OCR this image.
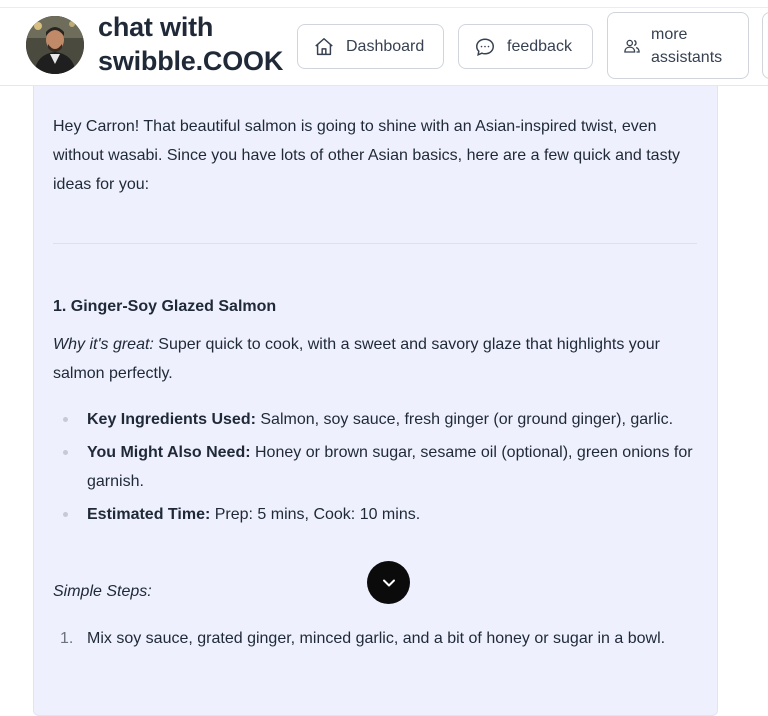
chat with
swibble.COOK	Dashboard	feedback
more
assistants

Hey Carron! That beautiful salmon is going to shine with an Asian-inspired twist, even without wasabi. Since you have lots of other Asian basics, here are a few quick and tasty ideas for you:

1. Ginger-Soy Glazed Salmon
Why it's great: Super quick to cook, with a sweet and savory glaze that highlights your salmon perfectly.
Key Ingredients Used: Salmon, soy sauce, fresh ginger (or ground ginger), garlic.
You Might Also Need: Honey or brown sugar, sesame oil (optional), green onions for garnish.
Estimated Time: Prep: 5 mins, Cook: 10 mins.
Simple Steps:
1. Mix soy sauce, grated ginger, minced garlic, and a bit of honey or sugar in a bowl.
